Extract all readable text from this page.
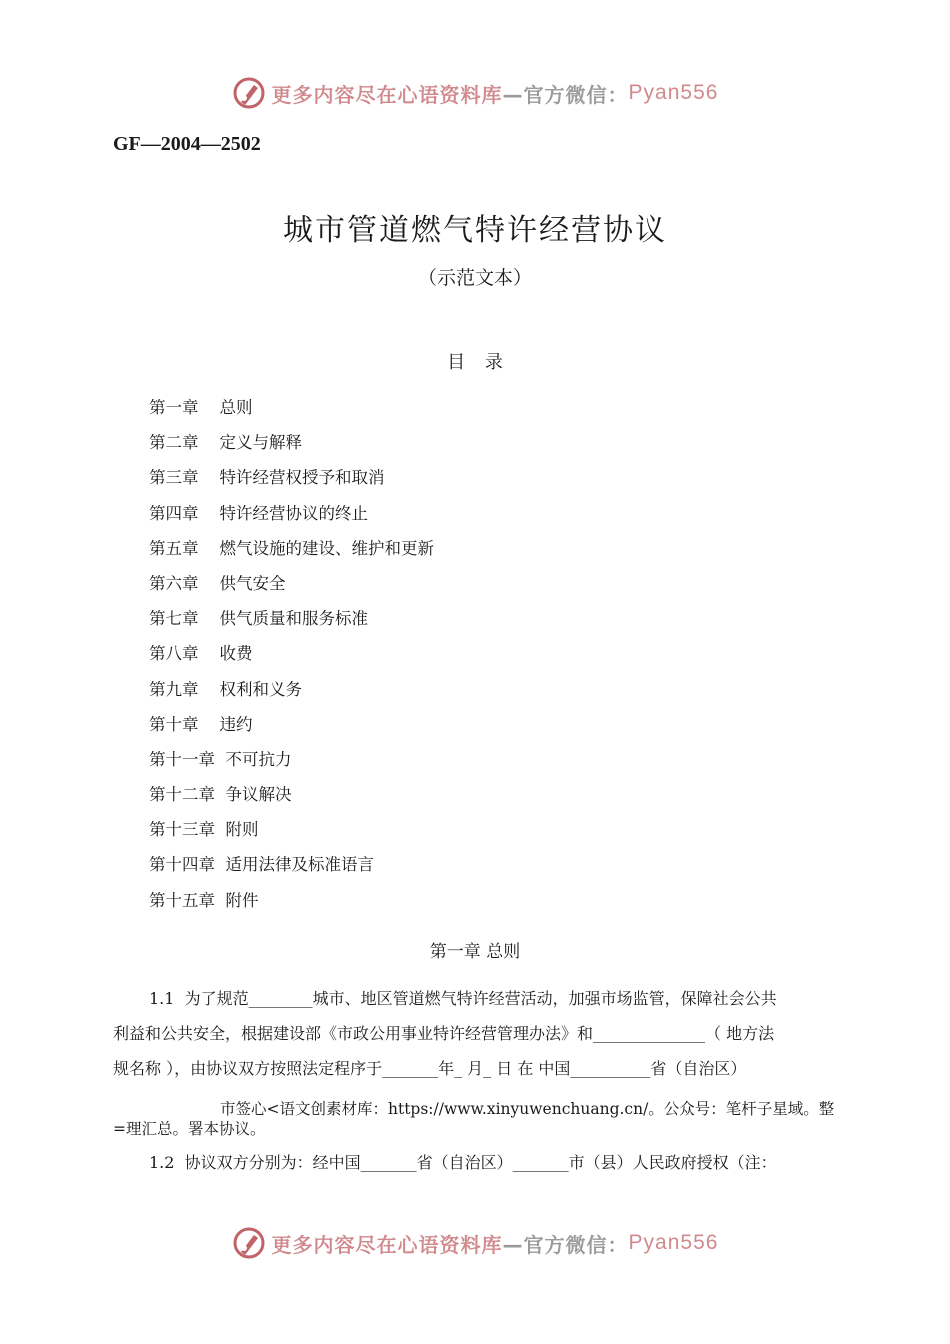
更多内容尽在心语资料库 —官方微信： Pyan556
GF—2004—2502
城市管道燃气特许经营协议
（示范文本）
目 录
第一章    总则
第二章    定义与解释
第三章    特许经营权授予和取消
第四章    特许经营协议的终止
第五章    燃气设施的建设、维护和更新
第六章    供气安全
第七章    供气质量和服务标准
第八章    收费
第九章    权利和义务
第十章    违约
第十一章  不可抗力
第十二章  争议解决
第十三章  附则
第十四章  适用法律及标准语言
第十五章  附件
第一章 总则
1.1  为了规范________城市、地区管道燃气特许经营活动，加强市场监管，保障社会公共
利益和公共安全，根据建设部《市政公用事业特许经营管理办法》和______________（ 地方法
规名称 ），由协议双方按照法定程序于_______年_ 月_ 日 在 中国__________省（自治区）
市签心<语文创素材库：https://www.xinyuwenchuang.cn/。公众号：笔杆子星域。整
=理汇总。署本协议。
1.2  协议双方分别为：经中国_______省（自治区）_______市（县）人民政府授权（注：
更多内容尽在心语资料库 —官方微信： Pyan556
